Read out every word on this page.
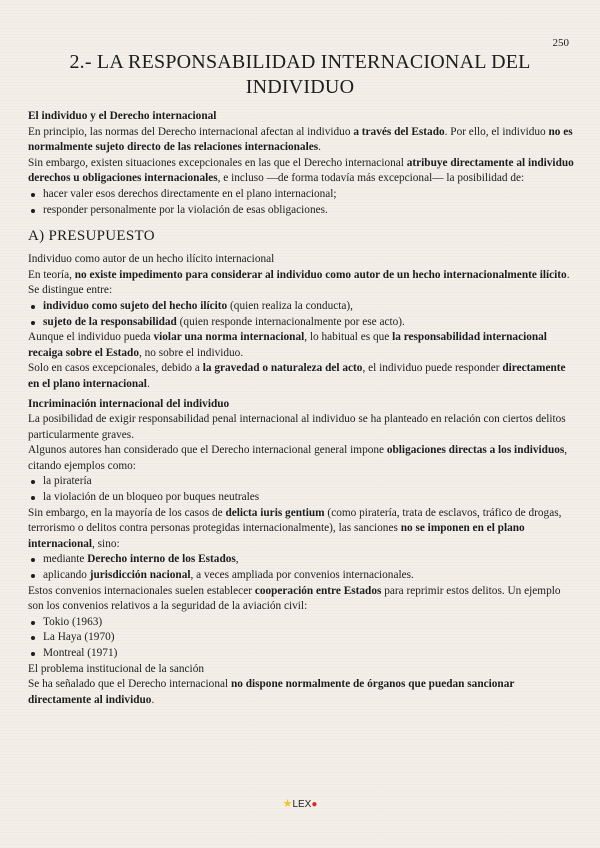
250
2.- LA RESPONSABILIDAD INTERNACIONAL DEL
INDIVIDUO

El individuo y el Derecho internacional

En principio, las normas del Derecho internacional afectan al individuo a través del Estado. Por ello, el individuo no es normalmente sujeto directo de las relaciones internacionales.

Sin embargo, existen situaciones excepcionales en las que el Derecho internacional atribuye directamente al individuo derechos u obligaciones internacionales, e incluso —de forma todavía más excepcional— la posibilidad de:

hacer valer esos derechos directamente en el plano internacional;

responder personalmente por la violación de esas obligaciones.

A) PRESUPUESTO

Individuo como autor de un hecho ilícito internacional

En teoría, no existe impedimento para considerar al individuo como autor de un hecho internacionalmente ilícito.

Se distingue entre:

individuo como sujeto del hecho ilícito (quien realiza la conducta),

sujeto de la responsabilidad (quien responde internacionalmente por ese acto).

Aunque el individuo pueda violar una norma internacional, lo habitual es que la responsabilidad internacional recaiga sobre el Estado, no sobre el individuo.

Solo en casos excepcionales, debido a la gravedad o naturaleza del acto, el individuo puede responder directamente en el plano internacional.

Incriminación internacional del individuo

La posibilidad de exigir responsabilidad penal internacional al individuo se ha planteado en relación con ciertos delitos particularmente graves.

Algunos autores han considerado que el Derecho internacional general impone obligaciones directas a los individuos, citando ejemplos como:

la piratería

la violación de un bloqueo por buques neutrales

Sin embargo, en la mayoría de los casos de delicta iuris gentium (como piratería, trata de esclavos, tráfico de drogas, terrorismo o delitos contra personas protegidas internacionalmente), las sanciones no se imponen en el plano internacional, sino:

mediante Derecho interno de los Estados,

aplicando jurisdicción nacional, a veces ampliada por convenios internacionales.

Estos convenios internacionales suelen establecer cooperación entre Estados para reprimir estos delitos. Un ejemplo son los convenios relativos a la seguridad de la aviación civil:

Tokio (1963)

La Haya (1970)

Montreal (1971)

El problema institucional de la sanción

Se ha señalado que el Derecho internacional no dispone normalmente de órganos que puedan sancionar directamente al individuo.

★LEX●
